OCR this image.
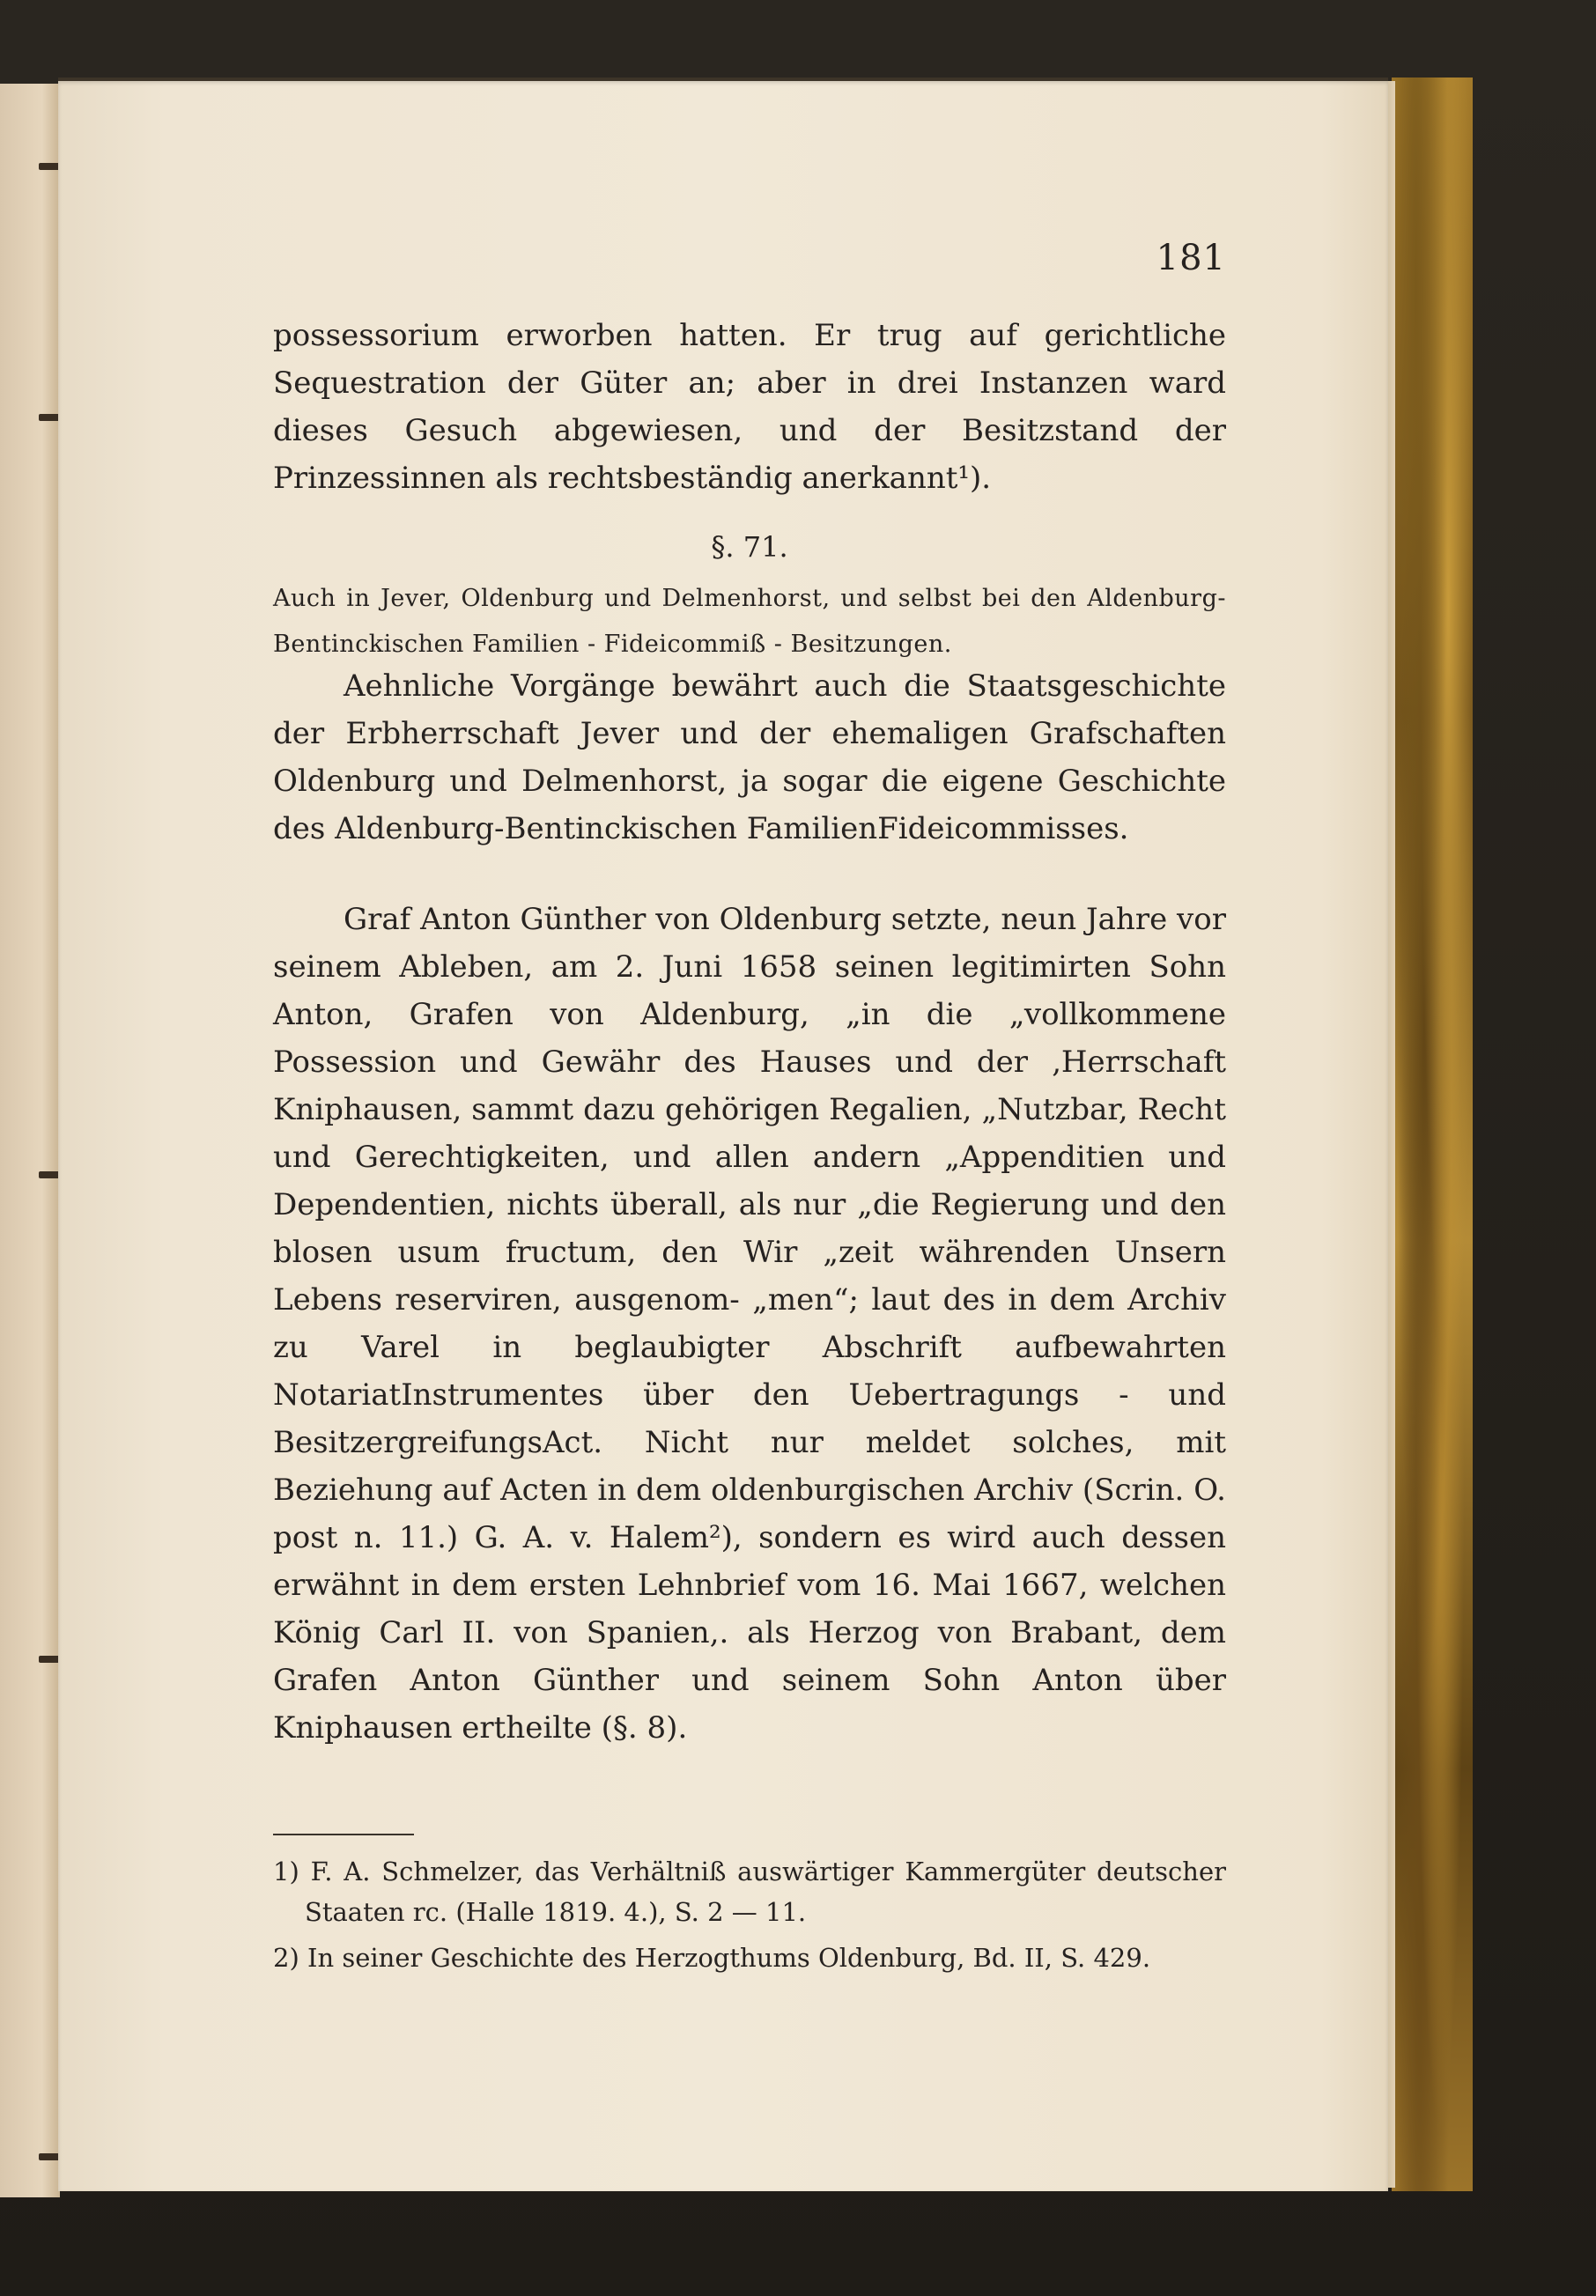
181

possessorium erworben hatten. Er trug auf gerichtliche Sequestration der Güter an; aber in drei Instanzen ward dieses Gesuch abgewiesen, und der Besitzstand der Prinzessinnen als rechtsbeständig anerkannt¹).

§. 71.

Auch in Jever, Oldenburg und Delmenhorst, und selbst bei den Aldenburg-Bentinckischen Familien - Fideicommiß - Besitzungen.

Aehnliche Vorgänge bewährt auch die Staatsgeschichte der Erbherrschaft Jever und der ehemaligen Grafschaften Oldenburg und Delmenhorst, ja sogar die eigene Geschichte des Aldenburg-Bentinckischen FamilienFideicommisses.

Graf Anton Günther von Oldenburg setzte, neun Jahre vor seinem Ableben, am 2. Juni 1658 seinen legitimirten Sohn Anton, Grafen von Aldenburg, „in die „vollkommene Possession und Gewähr des Hauses und der ‚Herrschaft Kniphausen, sammt dazu gehörigen Regalien, „Nutzbar, Recht und Gerechtigkeiten, und allen andern „Appenditien und Dependentien, nichts überall, als nur „die Regierung und den blosen usum fructum, den Wir „zeit währenden Unsern Lebens reserviren, ausgenom- „men“; laut des in dem Archiv zu Varel in beglaubigter Abschrift aufbewahrten NotariatInstrumentes über den Uebertragungs - und BesitzergreifungsAct. Nicht nur meldet solches, mit Beziehung auf Acten in dem oldenburgischen Archiv (Scrin. O. post n. 11.) G. A. v. Halem²), sondern es wird auch dessen erwähnt in dem ersten Lehnbrief vom 16. Mai 1667, welchen König Carl II. von Spanien,. als Herzog von Brabant, dem Grafen Anton Günther und seinem Sohn Anton über Kniphausen ertheilte (§. 8).

1) F. A. Schmelzer, das Verhältniß auswärtiger Kammergüter deutscher Staaten rc. (Halle 1819. 4.), S. 2 — 11.

2) In seiner Geschichte des Herzogthums Oldenburg, Bd. II, S. 429.
